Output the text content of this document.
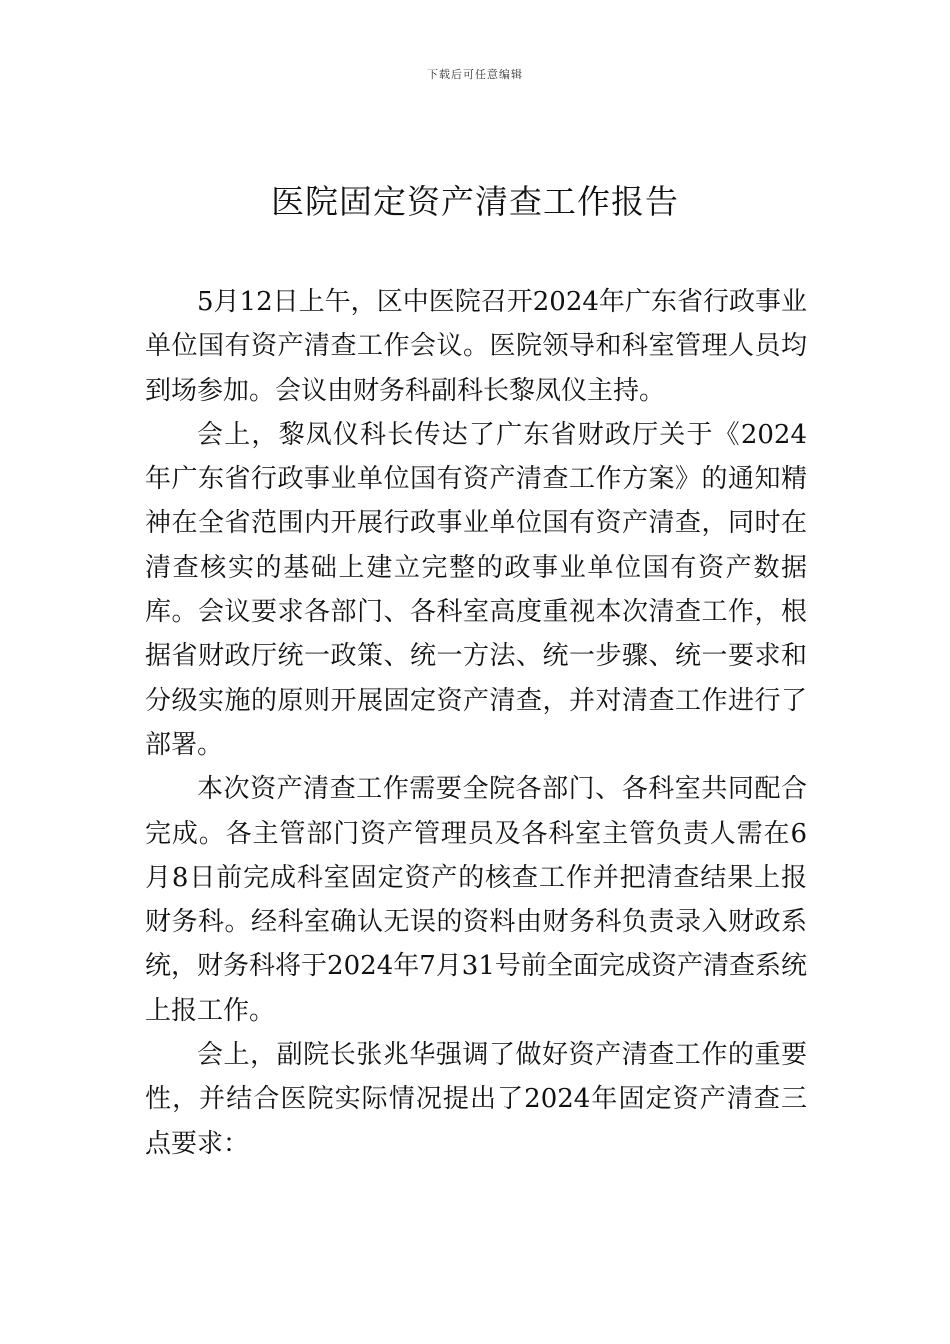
下载后可任意编辑
医院固定资产清查工作报告

5月12日上午，区中医院召开2024年广东省行政事业单位国有资产清查工作会议。医院领导和科室管理人员均到场参加。会议由财务科副科长黎凤仪主持。

会上，黎凤仪科长传达了广东省财政厅关于《2024年广东省行政事业单位国有资产清查工作方案》的通知精神在全省范围内开展行政事业单位国有资产清查，同时在清查核实的基础上建立完整的政事业单位国有资产数据库。会议要求各部门、各科室高度重视本次清查工作，根据省财政厅统一政策、统一方法、统一步骤、统一要求和分级实施的原则开展固定资产清查，并对清查工作进行了部署。

本次资产清查工作需要全院各部门、各科室共同配合完成。各主管部门资产管理员及各科室主管负责人需在6月8日前完成科室固定资产的核查工作并把清查结果上报财务科。经科室确认无误的资料由财务科负责录入财政系统，财务科将于2024年7月31号前全面完成资产清查系统上报工作。

会上，副院长张兆华强调了做好资产清查工作的重要性，并结合医院实际情况提出了2024年固定资产清查三点要求：
